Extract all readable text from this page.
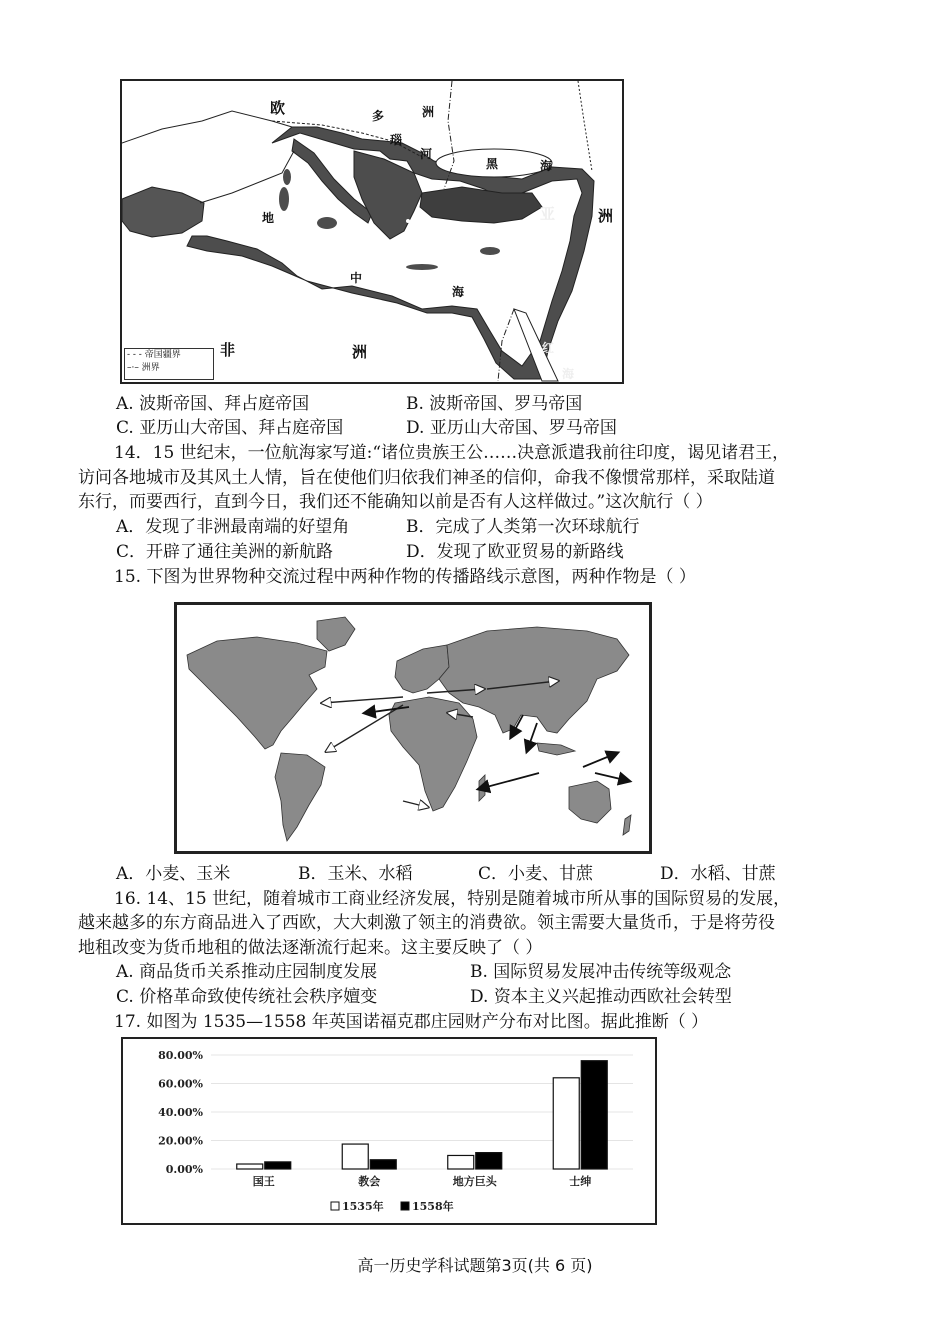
欧	多	洲
瑙
河
黑	海
亚	洲
地
中
海
非	洲	红
海
- - - 帝国疆界
–·– 洲界
A. 波斯帝国、拜占庭帝国	B. 波斯帝国、罗马帝国
C. 亚历山大帝国、拜占庭帝国	D. 亚历山大帝国、罗马帝国
14．15 世纪末，一位航海家写道:“诸位贵族王公……决意派遣我前往印度，谒见诸君王，
访问各地城市及其风土人情，旨在使他们归依我们神圣的信仰，命我不像惯常那样，采取陆道
东行，而要西行，直到今日，我们还不能确知以前是否有人这样做过。”这次航行（ ）
A．发现了非洲最南端的好望角	B．完成了人类第一次环球航行
C．开辟了通往美洲的新航路	D．发现了欧亚贸易的新路线
15. 下图为世界物种交流过程中两种作物的传播路线示意图，两种作物是（ ）
A．小麦、玉米	B．玉米、水稻	C．小麦、甘蔗	D．水稻、甘蔗
16. 14、15 世纪，随着城市工商业经济发展，特别是随着城市所从事的国际贸易的发展，
越来越多的东方商品进入了西欧，大大刺激了领主的消费欲。领主需要大量货币，于是将劳役
地租改变为货币地租的做法逐渐流行起来。这主要反映了（ ）
A. 商品货币关系推动庄园制度发展	B. 国际贸易发展冲击传统等级观念
C. 价格革命致使传统社会秩序嬗变	D. 资本主义兴起推动西欧社会转型
17. 如图为 1535—1558 年英国诺福克郡庄园财产分布对比图。据此推断（ ）
80.00%
60.00%
40.00%
20.00%
0.00%
国王	教会	地方巨头	士绅
1535年	1558年
高一历史学科试题第3页(共 6 页)
